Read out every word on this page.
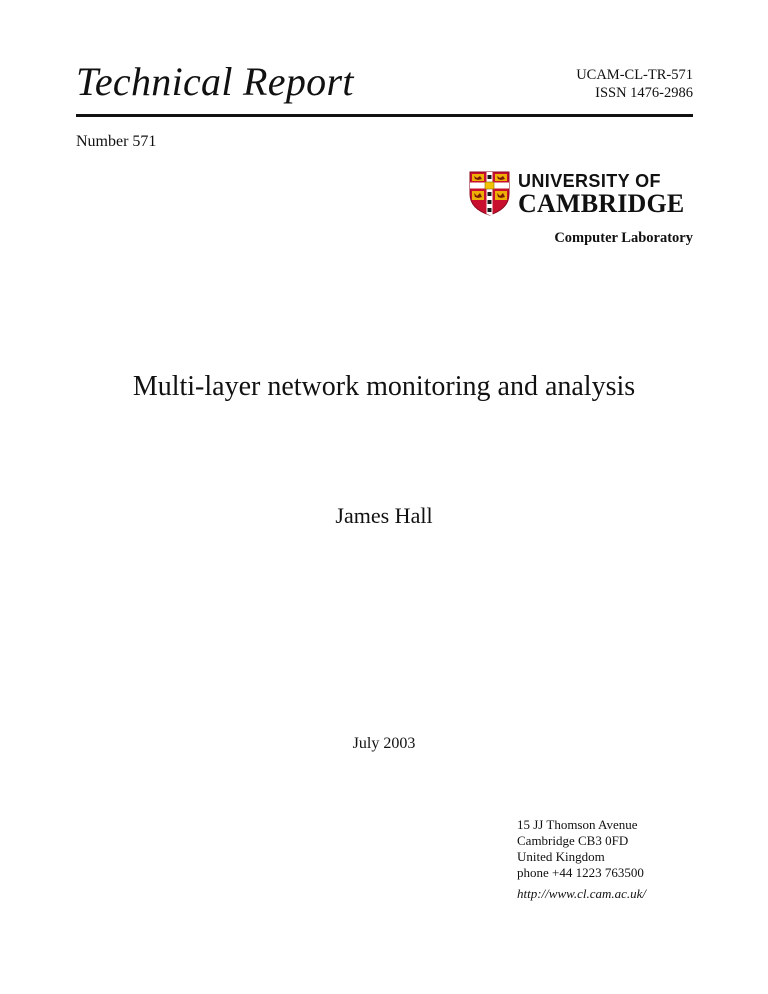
Technical Report	UCAM-CL-TR-571
ISSN 1476-2986
Number 571
UNIVERSITY OF
CAMBRIDGE
Computer Laboratory
Multi-layer network monitoring and analysis
James Hall
July 2003
15 JJ Thomson Avenue
Cambridge CB3 0FD
United Kingdom
phone +44 1223 763500
http://www.cl.cam.ac.uk/
